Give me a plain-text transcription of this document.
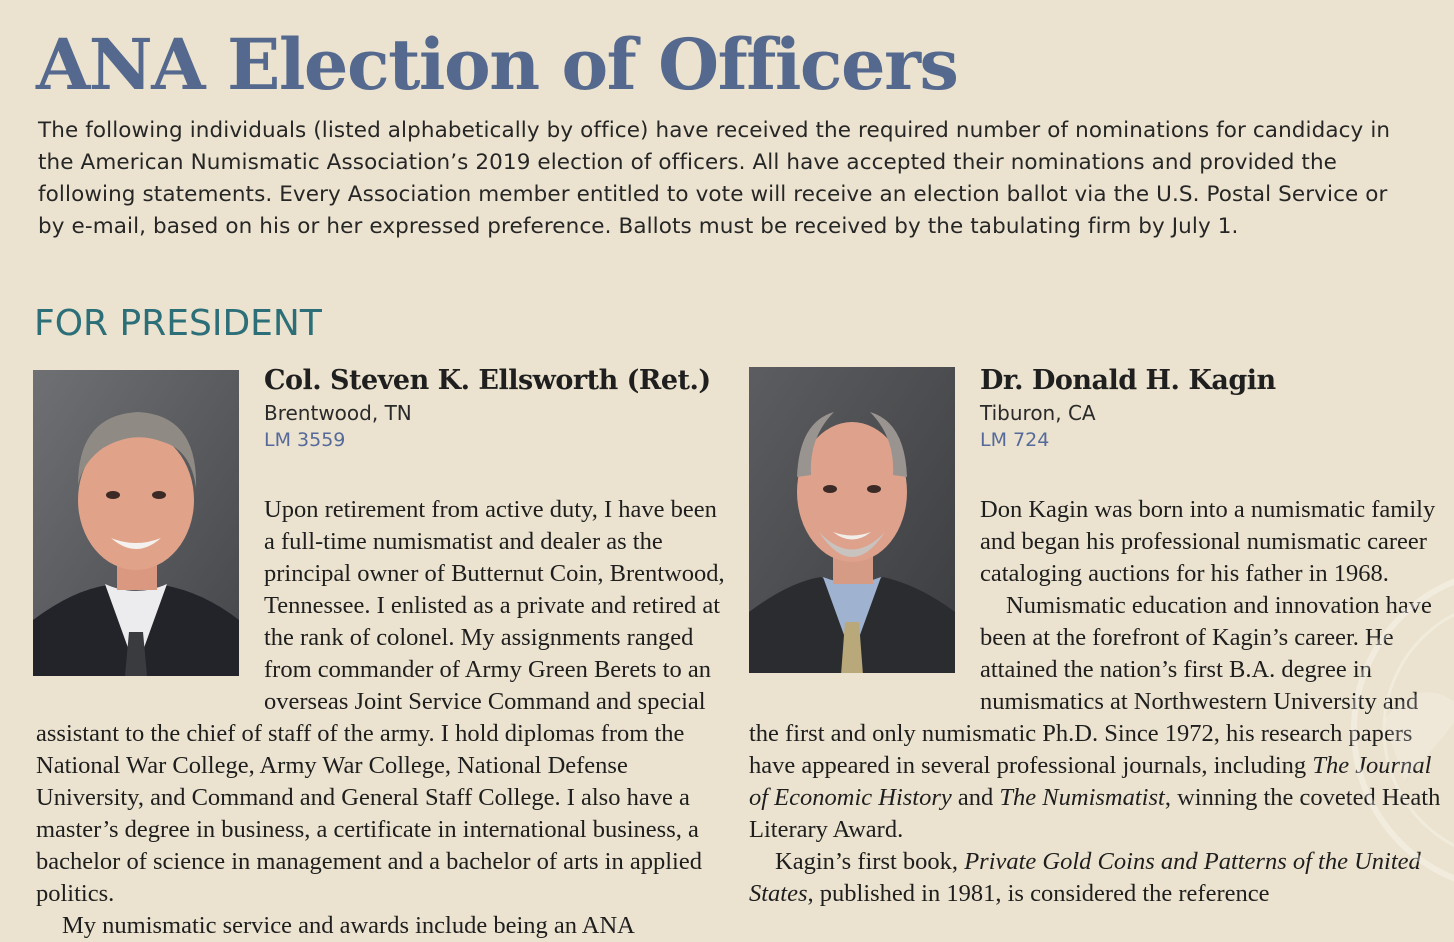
ANA Election of Officers

The following individuals (listed alphabetically by office) have received the required number of nominations for candidacy in the American Numismatic Association’s 2019 election of officers. All have accepted their nominations and provided the following statements. Every Association member entitled to vote will receive an election ballot via the U.S. Postal Service or by e-mail, based on his or her expressed preference. Ballots must be received by the tabulating firm by July 1.

FOR PRESIDENT
Col. Steven K. Ellsworth (Ret.)
Brentwood, TN
LM 3559

Upon retirement from active duty, I have been a full-time numismatist and dealer as the principal owner of Butternut Coin, Brentwood, Tennessee. I enlisted as a private and retired at the rank of colonel. My assignments ranged from commander of Army Green Berets to an overseas Joint Service Command and special assistant to the chief of staff of the army. I hold diplomas from the National War College, Army War College, National Defense University, and Command and General Staff College. I also have a master’s degree in business, a certificate in international business, a bachelor of science in management and a bachelor of arts in applied politics.

My numismatic service and awards include being an ANA

Dr. Donald H. Kagin
Tiburon, CA
LM 724

Don Kagin was born into a numismatic family and began his professional numismatic career cataloging auctions for his father in 1968.

Numismatic education and innovation have been at the forefront of Kagin’s career. He attained the nation’s first B.A. degree in numismatics at Northwestern University and the first and only numismatic Ph.D. Since 1972, his research papers have appeared in several professional journals, including The Journal of Economic History and The Numismatist, winning the coveted Heath Literary Award.

Kagin’s first book, Private Gold Coins and Patterns of the United States, published in 1981, is considered the reference
